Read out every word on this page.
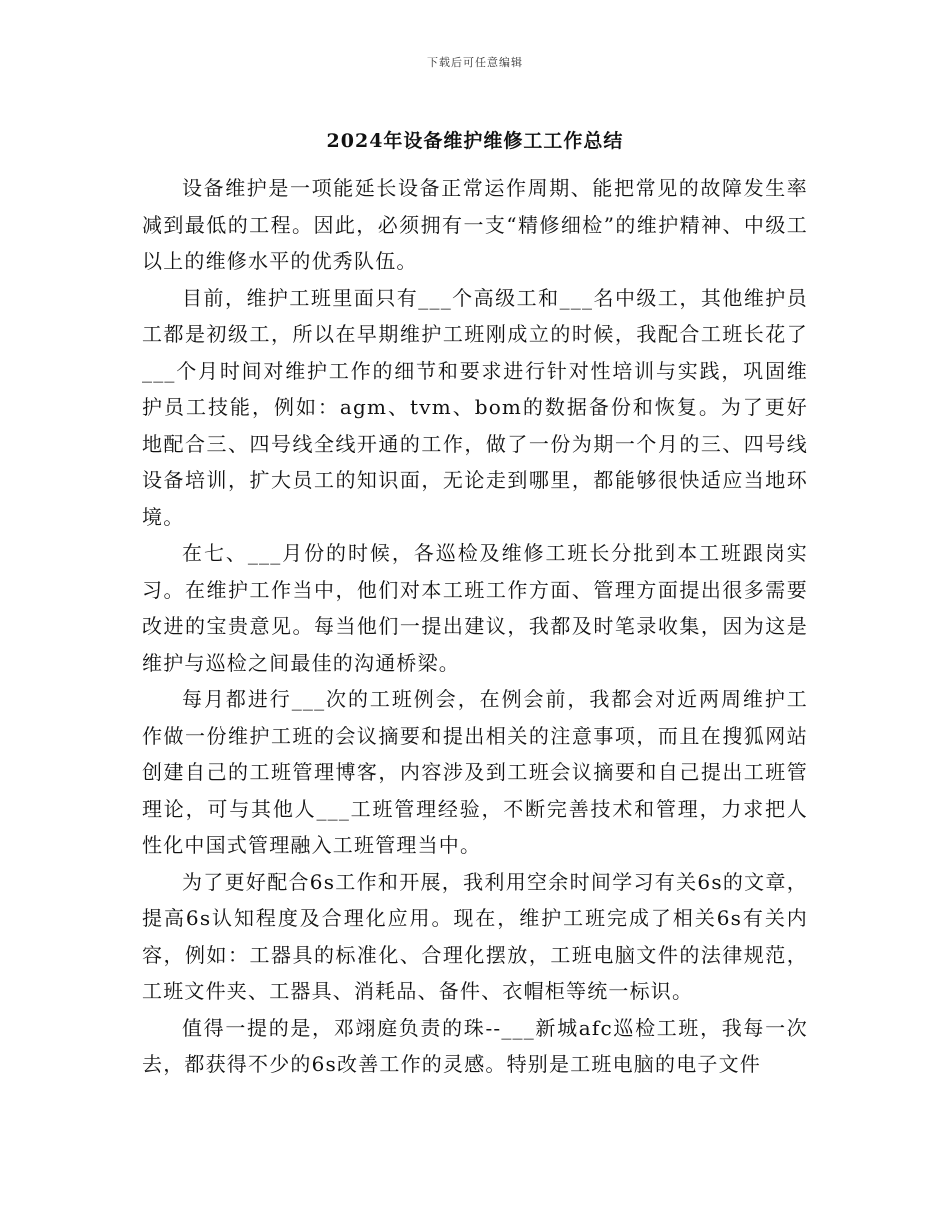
下载后可任意编辑
2024年设备维护维修工工作总结

设备维护是一项能延长设备正常运作周期、能把常见的故障发生率减到最低的工程。因此，必须拥有一支“精修细检”的维护精神、中级工以上的维修水平的优秀队伍。

目前，维护工班里面只有___个高级工和___名中级工，其他维护员工都是初级工，所以在早期维护工班刚成立的时候，我配合工班长花了___个月时间对维护工作的细节和要求进行针对性培训与实践，巩固维护员工技能，例如：agm、tvm、bom的数据备份和恢复。为了更好地配合三、四号线全线开通的工作，做了一份为期一个月的三、四号线设备培训，扩大员工的知识面，无论走到哪里，都能够很快适应当地环境。

在七、___月份的时候，各巡检及维修工班长分批到本工班跟岗实习。在维护工作当中，他们对本工班工作方面、管理方面提出很多需要改进的宝贵意见。每当他们一提出建议，我都及时笔录收集，因为这是维护与巡检之间最佳的沟通桥梁。

每月都进行___次的工班例会，在例会前，我都会对近两周维护工作做一份维护工班的会议摘要和提出相关的注意事项，而且在搜狐网站创建自己的工班管理博客，内容涉及到工班会议摘要和自己提出工班管理论，可与其他人___工班管理经验，不断完善技术和管理，力求把人性化中国式管理融入工班管理当中。

为了更好配合6s工作和开展，我利用空余时间学习有关6s的文章，提高6s认知程度及合理化应用。现在，维护工班完成了相关6s有关内容，例如：工器具的标准化、合理化摆放，工班电脑文件的法律规范，工班文件夹、工器具、消耗品、备件、衣帽柜等统一标识。

值得一提的是，邓翊庭负责的珠--___新城afc巡检工班，我每一次去，都获得不少的6s改善工作的灵感。特别是工班电脑的电子文件
